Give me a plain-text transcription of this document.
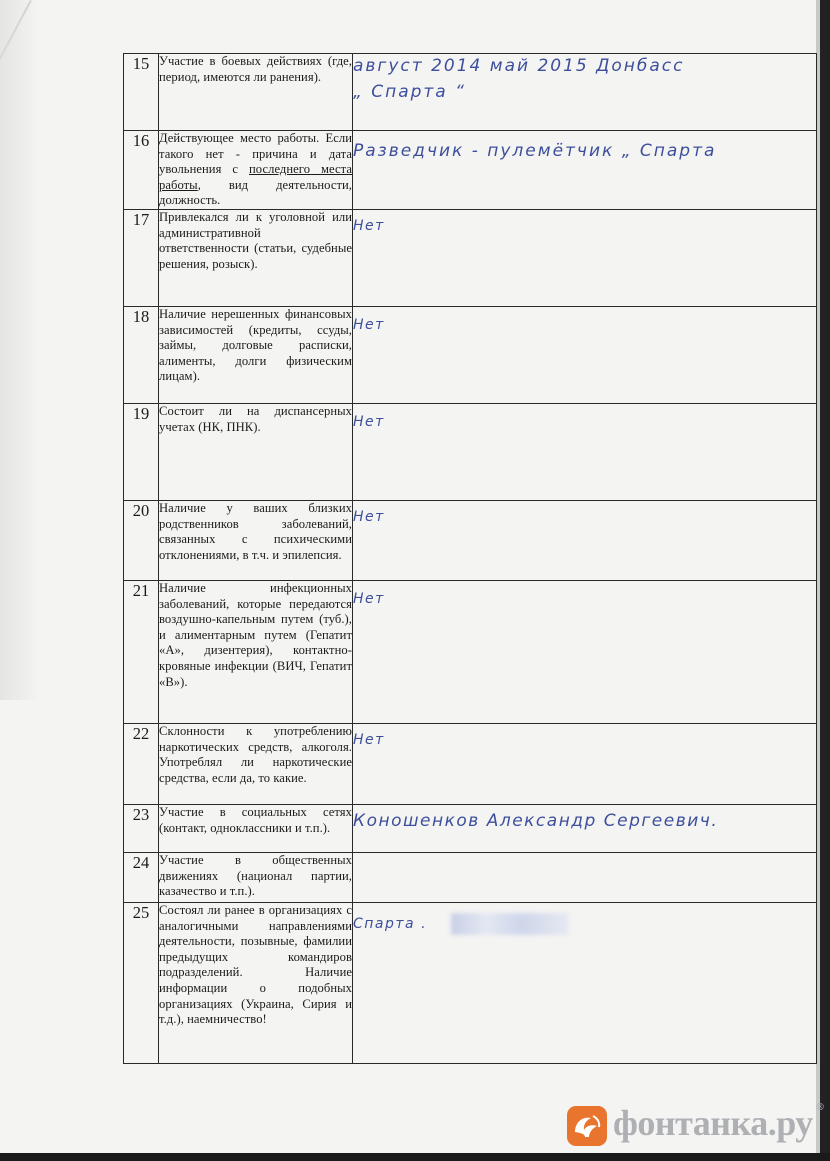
15	Участие в боевых действиях (где, период, имеются ли ранения).	август 2014 май 2015 Донбасс
„ Спарта “

16	Действующее место работы. Если такого нет - причина и дата увольнения с последнего места работы, вид деятельности, должность.	Разведчик - пулемётчик „ Спарта

17	Привлекался ли к уголовной или административной ответственности (статьи, судебные решения, розыск).	Нет

18	Наличие нерешенных финансовых зависимостей (кредиты, ссуды, займы, долговые расписки, алименты, долги физическим лицам).	Нет

19	Состоит ли на диспансерных учетах (НК, ПНК).	Нет

20	Наличие у ваших близких родственников заболеваний, связанных с психическими отклонениями, в т.ч. и эпилепсия.	Нет

21	Наличие инфекционных заболеваний, которые передаются воздушно-капельным путем (туб.), и алиментарным путем (Гепатит «А», дизентерия), контактно-кровяные инфекции (ВИЧ, Гепатит «В»).	Нет

22	Склонности к употреблению наркотических средств, алкоголя. Употреблял ли наркотические средства, если да, то какие.	Нет

23	Участие в социальных сетях (контакт, одноклассники и т.п.).	Коношенков Александр Сергеевич.

24	Участие в общественных движениях (национал партии, казачество и т.п.).	
25	Состоял ли ранее в организациях с аналогичными направлениями деятельности, позывные, фамилии предыдущих командиров подразделений. Наличие информации о подобных организациях (Украина, Сирия и т.д.), наемничество!	Спарта .
фонтанка.ру ®
